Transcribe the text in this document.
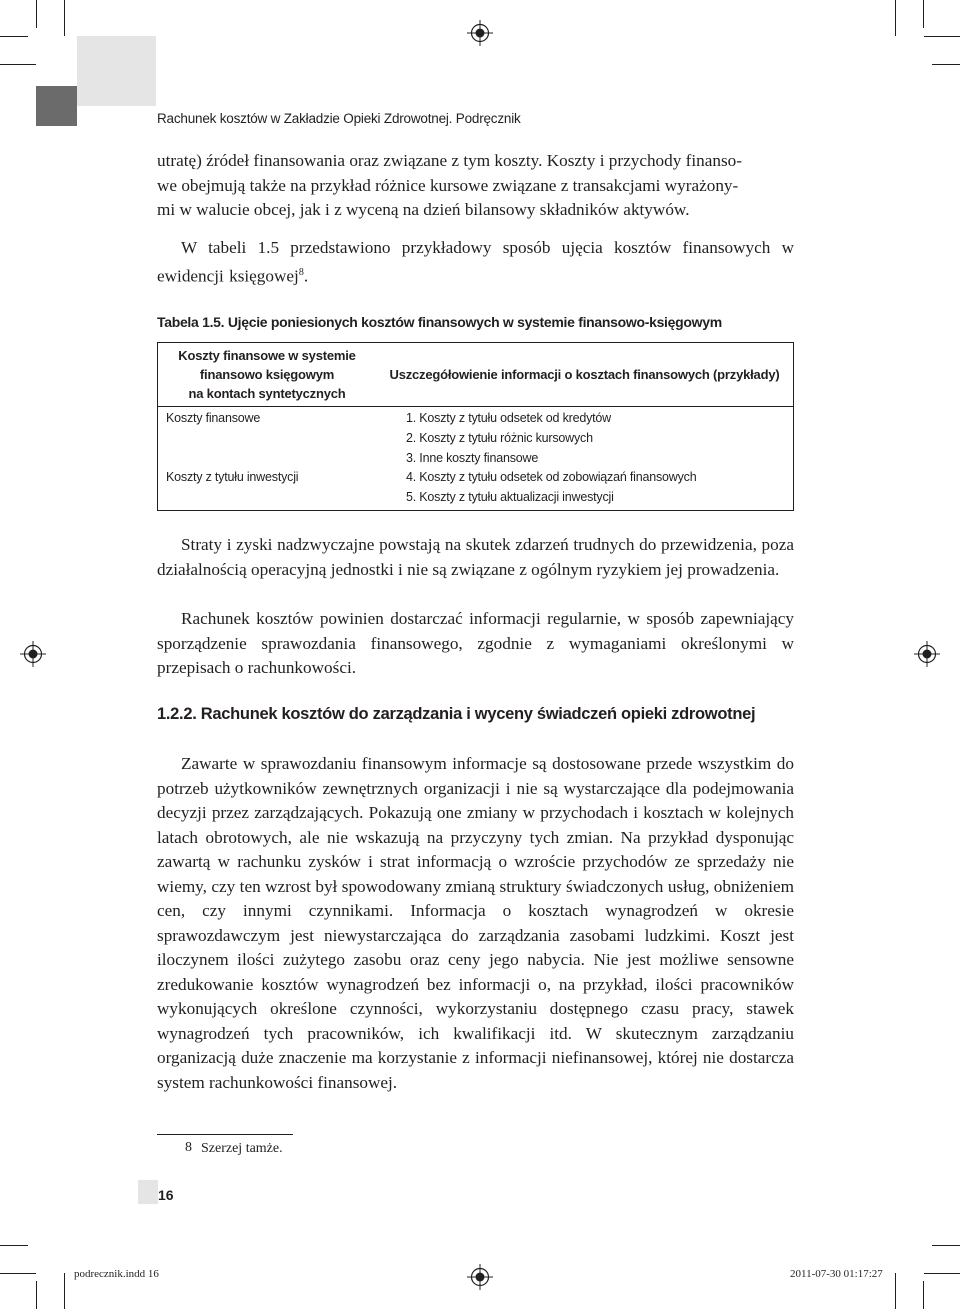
Rachunek kosztów w Zakładzie Opieki Zdrowotnej. Podręcznik
utratę) źródeł finansowania oraz związane z tym koszty. Koszty i przychody finanso-
we obejmują także na przykład różnice kursowe związane z transakcjami wyrażony-
mi w walucie obcej, jak i z wyceną na dzień bilansowy składników aktywów.

W tabeli 1.5 przedstawiono przykładowy sposób ujęcia kosztów finansowych w ewidencji księgowej$^8$.

Tabela 1.5. Ujęcie poniesionych kosztów finansowych w systemie finansowo-księgowym
Koszty finansowe w systemie
finansowo księgowym
na kontach syntetycznych	Uszczegółowienie informacji o kosztach finansowych (przykłady)
Koszty finansowe	1. Koszty z tytułu odsetek od kredytów
2. Koszty z tytułu różnic kursowych
3. Inne koszty finansowe

Koszty z tytułu inwestycji	4. Koszty z tytułu odsetek od zobowiązań finansowych
5. Koszty z tytułu aktualizacji inwestycji

Straty i zyski nadzwyczajne powstają na skutek zdarzeń trudnych do przewidzenia, poza działalnością operacyjną jednostki i nie są związane z ogólnym ryzykiem jej prowadzenia.

Rachunek kosztów powinien dostarczać informacji regularnie, w sposób zapewniający sporządzenie sprawozdania finansowego, zgodnie z wymaganiami określonymi w przepisach o rachunkowości.

1.2.2. Rachunek kosztów do zarządzania i wyceny świadczeń opieki zdrowotnej

Zawarte w sprawozdaniu finansowym informacje są dostosowane przede wszystkim do potrzeb użytkowników zewnętrznych organizacji i nie są wystarczające dla podejmowania decyzji przez zarządzających. Pokazują one zmiany w przychodach i kosztach w kolejnych latach obrotowych, ale nie wskazują na przyczyny tych zmian. Na przykład dysponując zawartą w rachunku zysków i strat informacją o wzroście przychodów ze sprzedaży nie wiemy, czy ten wzrost był spowodowany zmianą struktury świadczonych usług, obniżeniem cen, czy innymi czynnikami. Informacja o kosztach wynagrodzeń w okresie sprawozdawczym jest niewystarczająca do zarządzania zasobami ludzkimi. Koszt jest iloczynem ilości zużytego zasobu oraz ceny jego nabycia. Nie jest możliwe sensowne zredukowanie kosztów wynagrodzeń bez informacji o, na przykład, ilości pracowników wykonujących określone czynności, wykorzystaniu dostępnego czasu pracy, stawek wynagrodzeń tych pracowników, ich kwalifikacji itd. W skutecznym zarządzaniu organizacją duże znaczenie ma korzystanie z informacji niefinansowej, której nie dostarcza system rachunkowości finansowej.

8 Szerzej tamże.
16
podrecznik.indd 16	2011-07-30 01:17:27
